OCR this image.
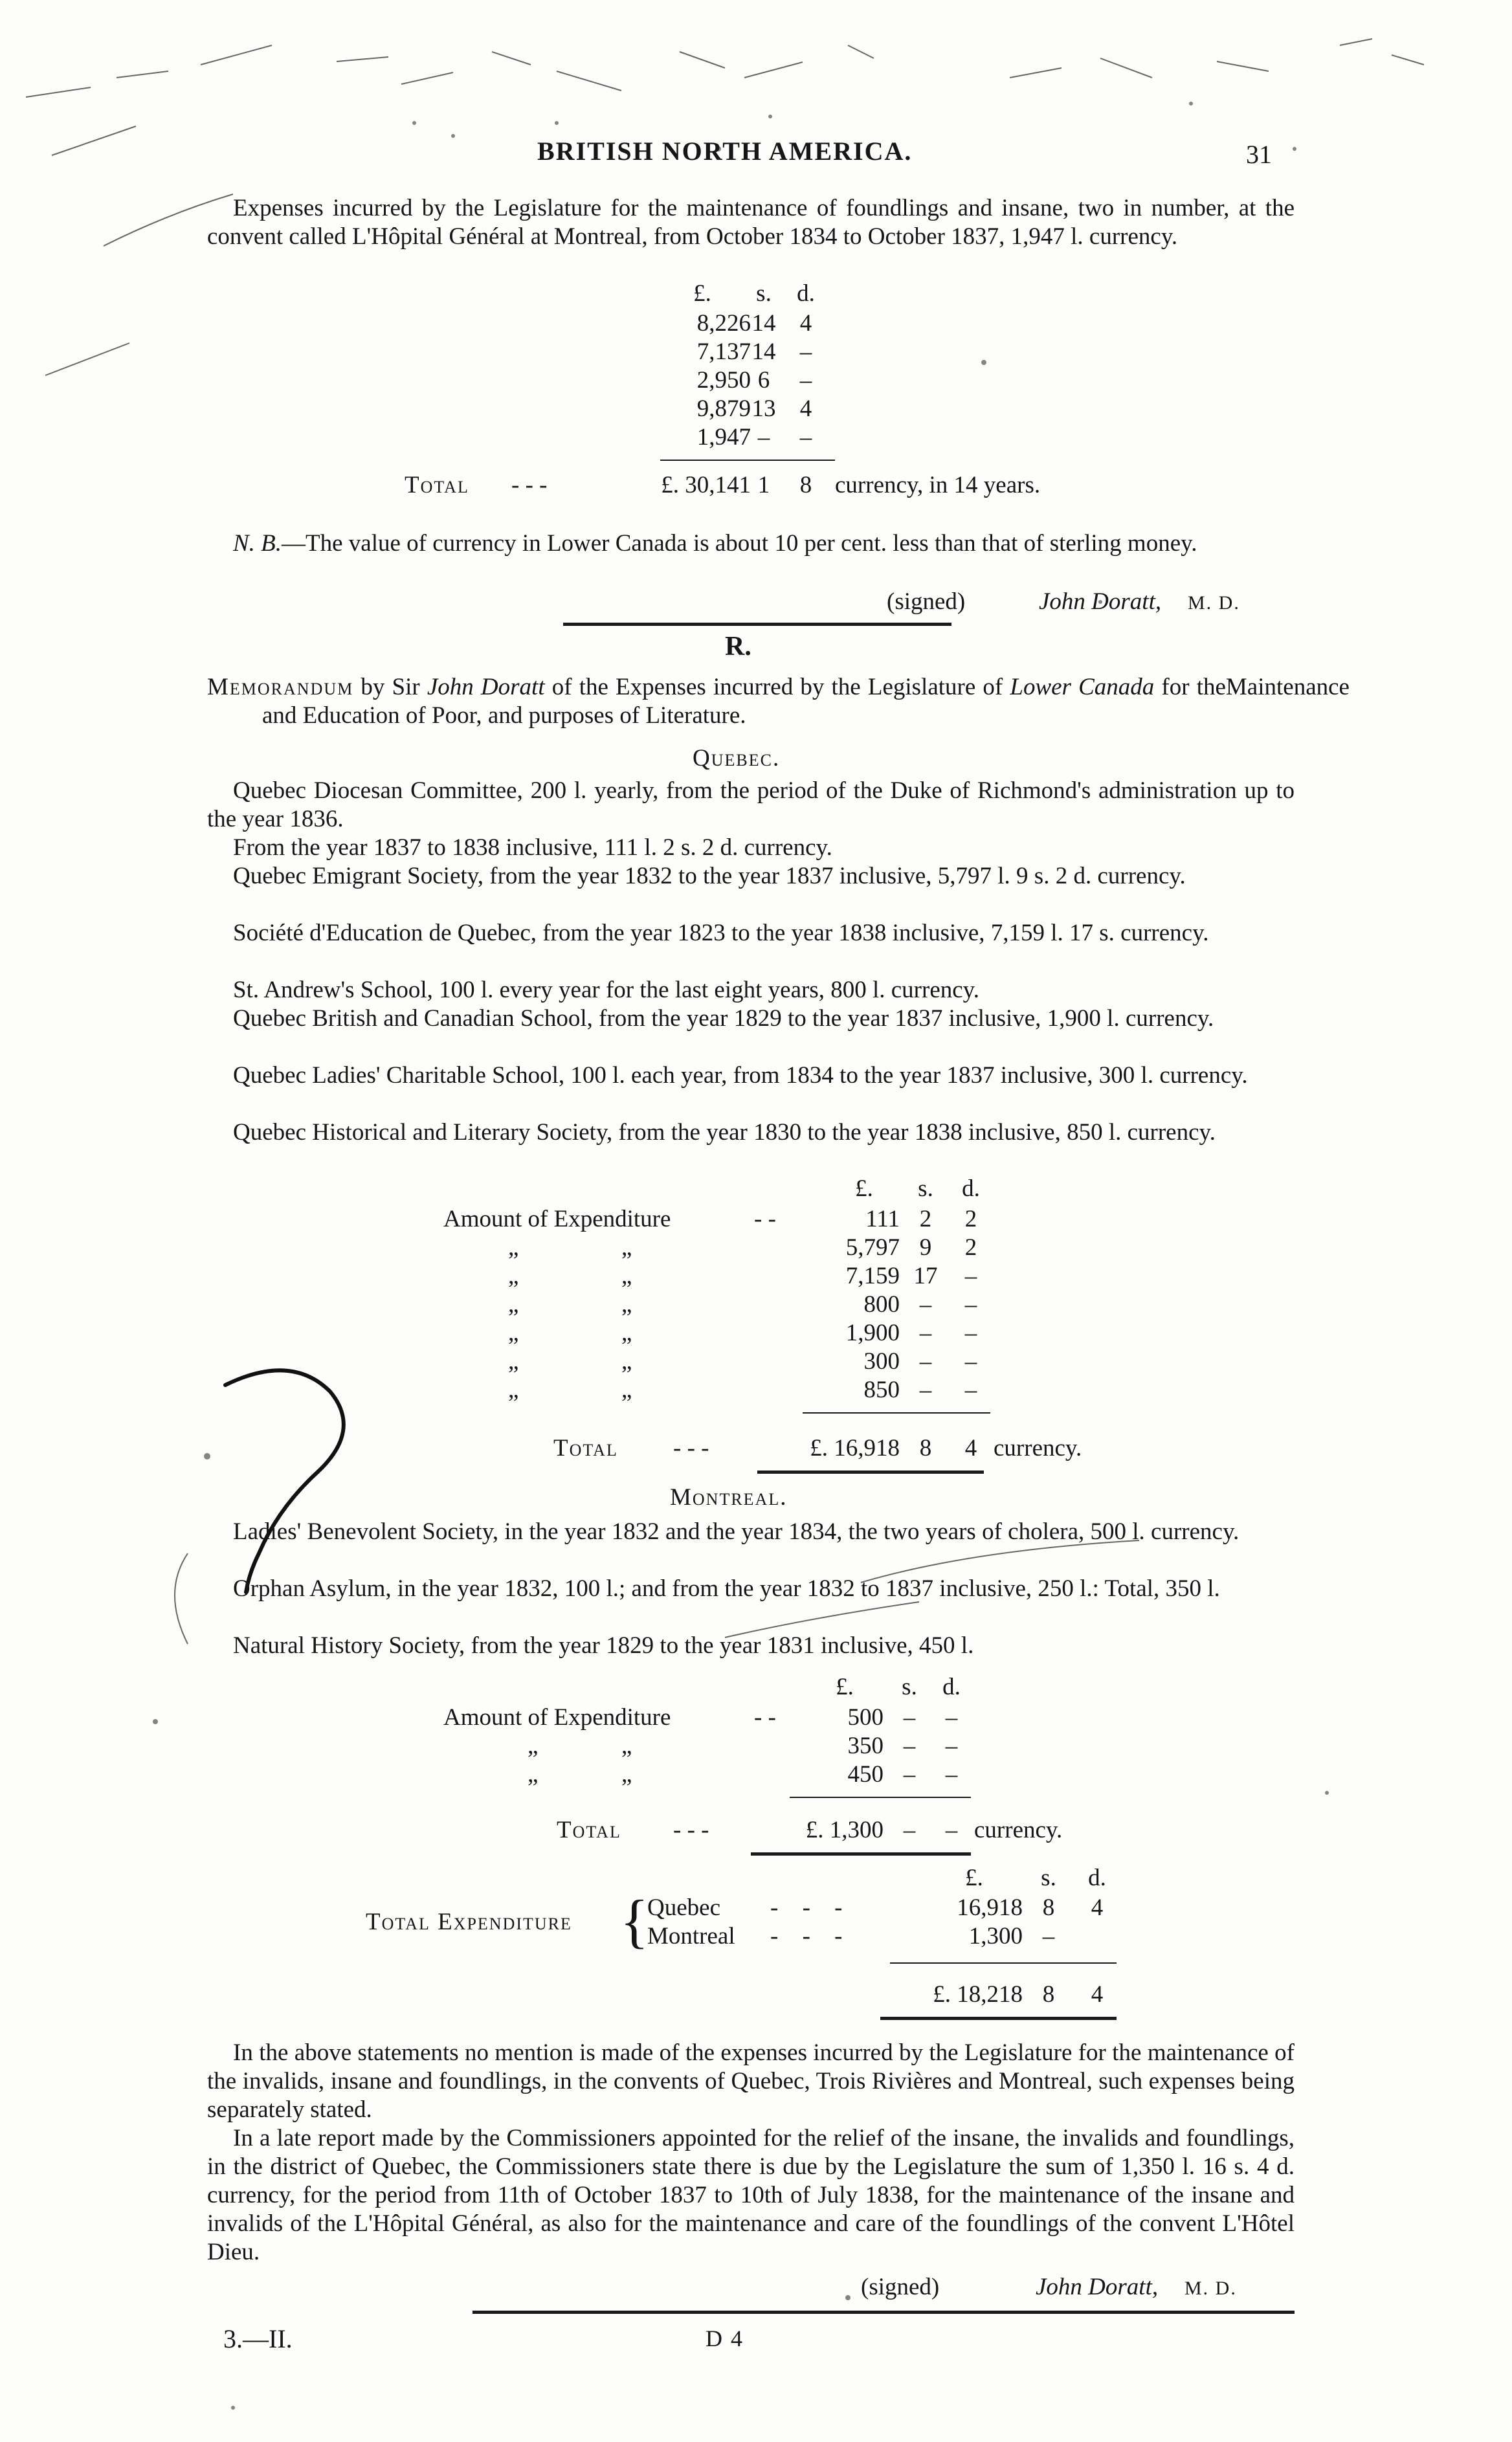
BRITISH NORTH AMERICA.	31
Expenses incurred by the Legislature for the maintenance of foundlings and insane, two in number, at the convent called L'Hôpital Général at Montreal, from October 1834 to October 1837, 1,947 l. currency.
£.	s. d.
8,226 14 4
7,137 14 –
2,950 6 –
9,879 13 4
1,947 – –
Total - - -	£. 30,141 1 8 currency, in 14 years.
N. B.—The value of currency in Lower Canada is about 10 per cent. less than that of sterling money.
(signed)	John Doratt, M. D.
R.
Memorandum by Sir John Doratt of the Expenses incurred by the Legislature of Lower Canada for theMaintenance and Education of Poor, and purposes of Literature.
Quebec.
Quebec Diocesan Committee, 200 l. yearly, from the period of the Duke of Richmond's administration up to the year 1836.
From the year 1837 to 1838 inclusive, 111 l. 2 s. 2 d. currency.
Quebec Emigrant Society, from the year 1832 to the year 1837 inclusive, 5,797 l. 9 s. 2 d. currency.
Société d'Education de Quebec, from the year 1823 to the year 1838 inclusive, 7,159 l. 17 s. currency.
St. Andrew's School, 100 l. every year for the last eight years, 800 l. currency.
Quebec British and Canadian School, from the year 1829 to the year 1837 inclusive, 1,900 l. currency.
Quebec Ladies' Charitable School, 100 l. each year, from 1834 to the year 1837 inclusive, 300 l. currency.
Quebec Historical and Literary Society, from the year 1830 to the year 1838 inclusive, 850 l. currency.
£.	s. d.
Amount of Expenditure	- -	111 2 2
„	„	5,797 9 2
„	„	7,159 17 –
„	„	800 – –
„	„	1,900 – –
„	„	300 – –
„	„	850 – –
Total - - -	£. 16,918 8 4 currency.
Montreal.
Ladies' Benevolent Society, in the year 1832 and the year 1834, the two years of cholera, 500 l. currency.
Orphan Asylum, in the year 1832, 100 l.; and from the year 1832 to 1837 inclusive, 250 l.: Total, 350 l.
Natural History Society, from the year 1829 to the year 1831 inclusive, 450 l.
£.	s. d.
Amount of Expenditure	- -	500 – –
„	„	350 – –
„	„	450 – –
Total - - -	£. 1,300 – – currency.
£.	s. d.
Total Expenditure {
Quebec - - -	16,918 8 4
Montreal - - -	1,300 –
£. 18,218 8 4
In the above statements no mention is made of the expenses incurred by the Legislature for the maintenance of the invalids, insane and foundlings, in the convents of Quebec, Trois Rivières and Montreal, such expenses being separately stated.
In a late report made by the Commissioners appointed for the relief of the insane, the invalids and foundlings, in the district of Quebec, the Commissioners state there is due by the Legislature the sum of 1,350 l. 16 s. 4 d. currency, for the period from 11th of October 1837 to 10th of July 1838, for the maintenance of the insane and invalids of the L'Hôpital Général, as also for the maintenance and care of the foundlings of the convent L'Hôtel Dieu.
(signed)	John Doratt, M. D.
3.—II.	D 4
